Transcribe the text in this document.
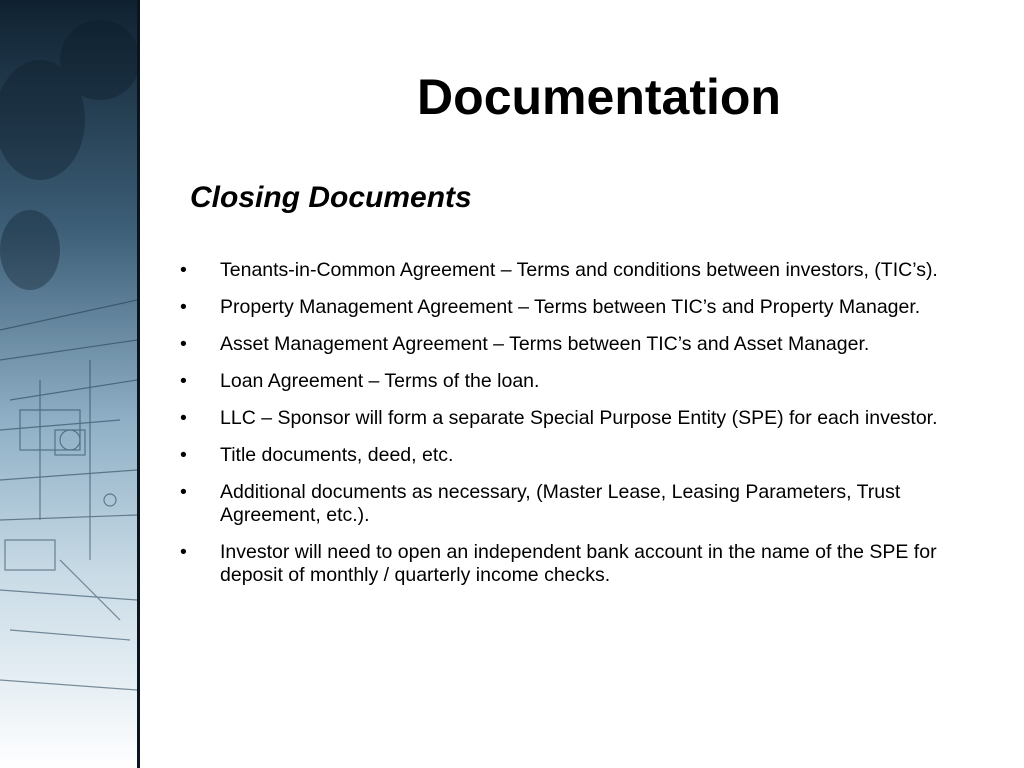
Documentation
Closing Documents
• Tenants-in-Common Agreement – Terms and conditions between investors, (TIC’s).
• Property Management Agreement – Terms between TIC’s and Property Manager.
• Asset Management Agreement – Terms between TIC’s and Asset Manager.
• Loan Agreement – Terms of the loan.
• LLC – Sponsor will form a separate Special Purpose Entity (SPE) for each investor.
• Title documents, deed, etc.
• Additional documents as necessary, (Master Lease, Leasing Parameters, Trust Agreement, etc.).
• Investor will need to open an independent bank account in the name of the SPE for deposit of monthly / quarterly income checks.
